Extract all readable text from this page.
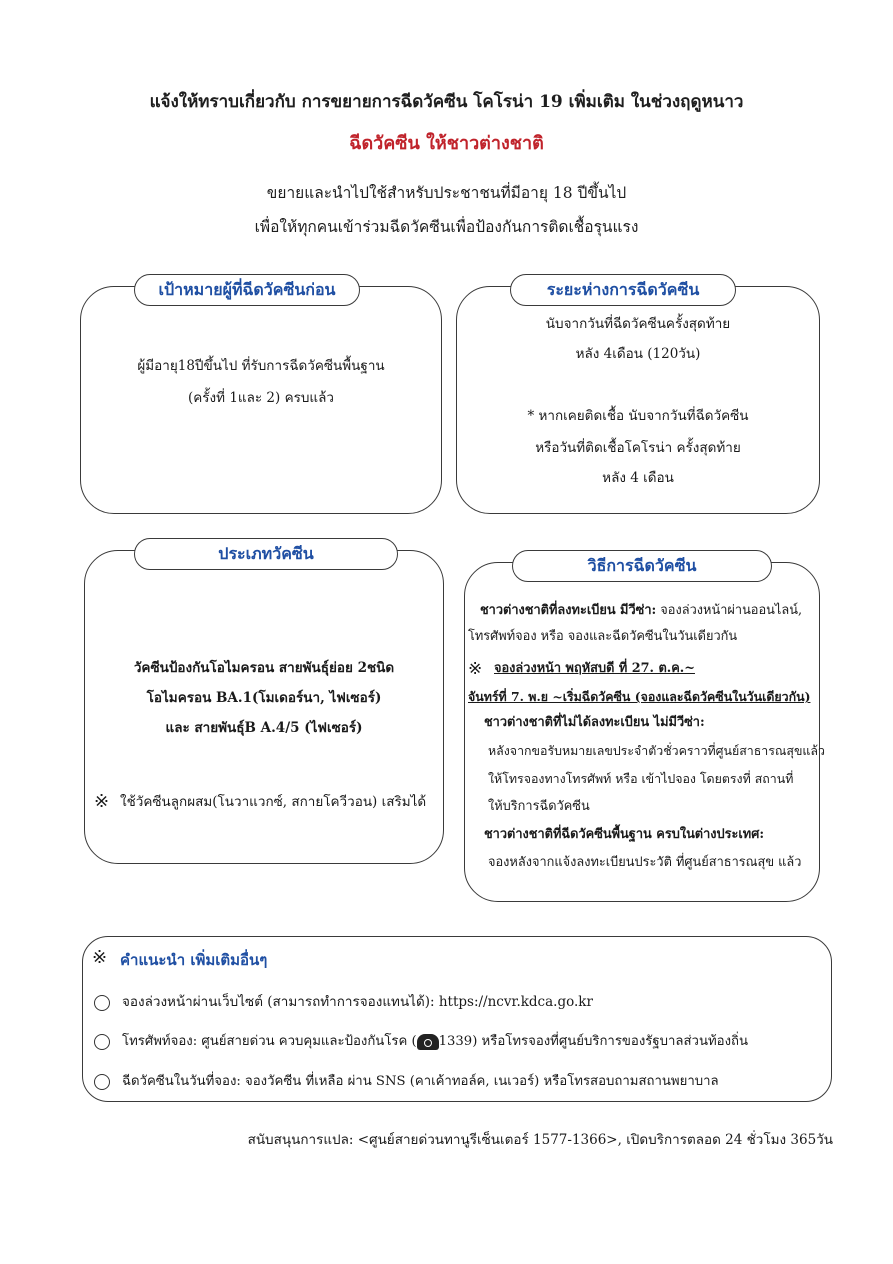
แจ้งให้ทราบเกี่ยวกับ การขยายการฉีดวัคซีน โคโรน่า 19 เพิ่มเติม ในช่วงฤดูหนาว
ฉีดวัคซีน ให้ชาวต่างชาติ
ขยายและนำไปใช้สำหรับประชาชนที่มีอายุ 18 ปีขึ้นไป
เพื่อให้ทุกคนเข้าร่วมฉีดวัคซีนเพื่อป้องกันการติดเชื้อรุนแรง
เป้าหมายผู้ที่ฉีดวัคซีนก่อน
ผู้มีอายุ18ปีขึ้นไป ที่รับการฉีดวัคซีนพื้นฐาน
(ครั้งที่ 1และ 2) ครบแล้ว
ระยะห่างการฉีดวัคซีน
นับจากวันที่ฉีดวัคซีนครั้งสุดท้าย
หลัง 4เดือน (120วัน)
* หากเคยติดเชื้อ นับจากวันที่ฉีดวัคซีน
หรือวันที่ติดเชื้อโคโรน่า ครั้งสุดท้าย
หลัง 4 เดือน
ประเภทวัคซีน
วัคซีนป้องกันโอไมครอน สายพันธุ์ย่อย 2ชนิด
โอไมครอน BA.1(โมเดอร์นา, ไฟเซอร์)
และ สายพันธุ์B A.4/5 (ไฟเซอร์)
※ ใช้วัคซีนลูกผสม(โนวาแวกซ์, สกายโควีวอน) เสริมได้
วิธีการฉีดวัคซีน
ชาวต่างชาติที่ลงทะเบียน มีวีซ่า: จองล่วงหน้าผ่านออนไลน์,
โทรศัพท์จอง หรือ จองและฉีดวัคซีนในวันเดียวกัน
※ จองล่วงหน้า พฤหัสบดี ที่ 27. ต.ค.~
จันทร์ที่ 7. พ.ย ~เริ่มฉีดวัคซีน (จองและฉีดวัคซีนในวันเดียวกัน)
ชาวต่างชาติที่ไม่ได้ลงทะเบียน ไม่มีวีซ่า:
หลังจากขอรับหมายเลขประจำตัวชั่วคราวที่ศูนย์สาธารณสุขแล้ว
ให้โทรจองทางโทรศัพท์ หรือ เข้าไปจอง โดยตรงที่ สถานที่
ให้บริการฉีดวัคซีน
ชาวต่างชาติที่ฉีดวัคซีนพื้นฐาน ครบในต่างประเทศ:
จองหลังจากแจ้งลงทะเบียนประวัติ ที่ศูนย์สาธารณสุข แล้ว
※ คำแนะนำ เพิ่มเติมอื่นๆ
จองล่วงหน้าผ่านเว็บไซต์ (สามารถทำการจองแทนได้): https://ncvr.kdca.go.kr
โทรศัพท์จอง: ศูนย์สายด่วน ควบคุมและป้องกันโรค ( 1339) หรือโทรจองที่ศูนย์บริการของรัฐบาลส่วนท้องถิ่น
ฉีดวัคซีนในวันที่จอง: จองวัคซีน ที่เหลือ ผ่าน SNS (คาเค้าทอล์ค, เนเวอร์) หรือโทรสอบถามสถานพยาบาล
สนับสนุนการแปล: <ศูนย์สายด่วนทานูรีเซ็นเตอร์ 1577-1366>, เปิดบริการตลอด 24 ชั่วโมง 365วัน
